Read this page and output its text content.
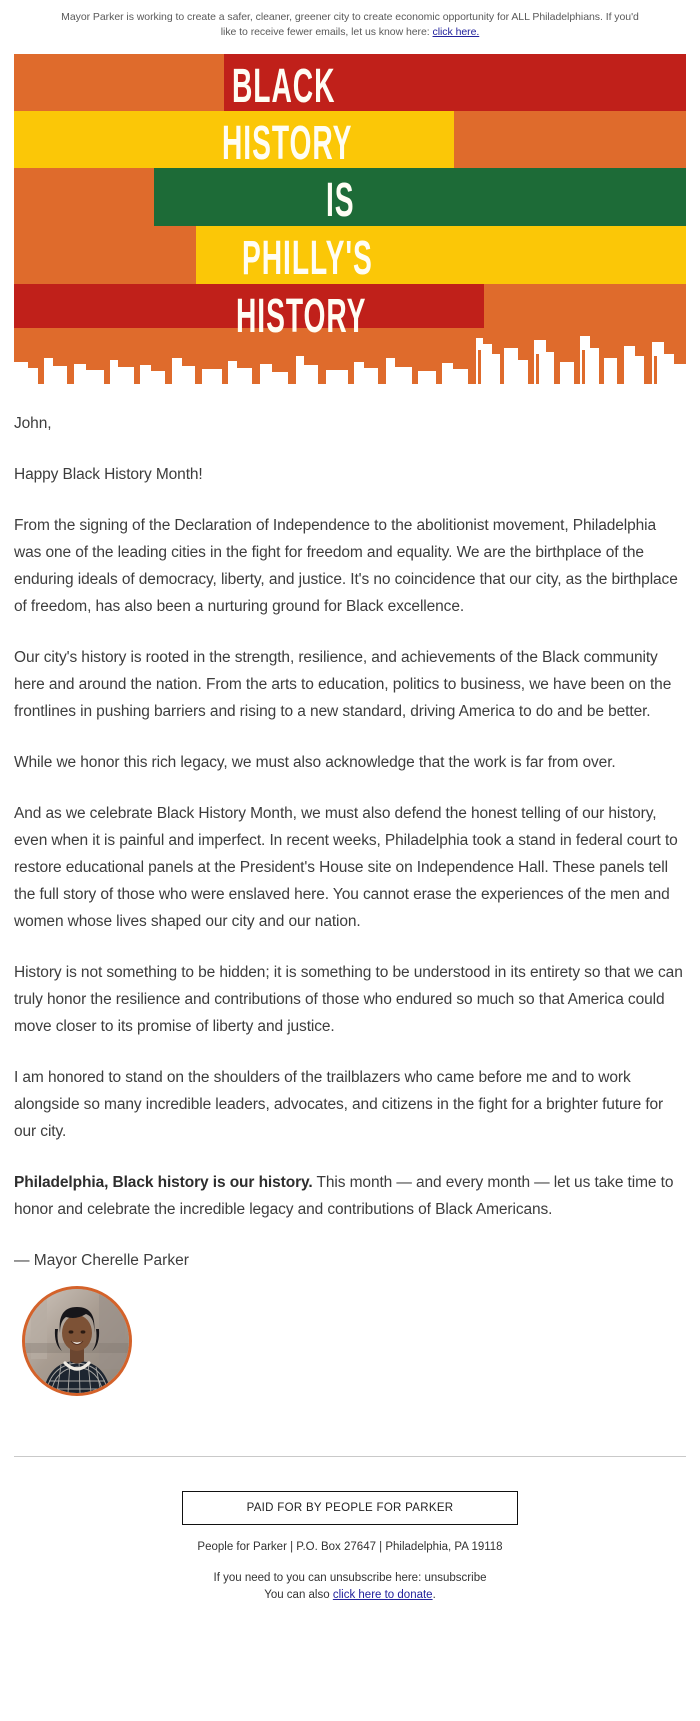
Mayor Parker is working to create a safer, cleaner, greener city to create economic opportunity for ALL Philadelphians. If you'd like to receive fewer emails, let us know here: click here.
BLACK
HISTORY
IS
PHILLY'S
HISTORY

John,

Happy Black History Month!

From the signing of the Declaration of Independence to the abolitionist movement, Philadelphia was one of the leading cities in the fight for freedom and equality. We are the birthplace of the enduring ideals of democracy, liberty, and justice. It's no coincidence that our city, as the birthplace of freedom, has also been a nurturing ground for Black excellence.

Our city's history is rooted in the strength, resilience, and achievements of the Black community here and around the nation. From the arts to education, politics to business, we have been on the frontlines in pushing barriers and rising to a new standard, driving America to do and be better.

While we honor this rich legacy, we must also acknowledge that the work is far from over.

And as we celebrate Black History Month, we must also defend the honest telling of our history, even when it is painful and imperfect. In recent weeks, Philadelphia took a stand in federal court to restore educational panels at the President's House site on Independence Hall. These panels tell the full story of those who were enslaved here. You cannot erase the experiences of the men and women whose lives shaped our city and our nation.

History is not something to be hidden; it is something to be understood in its entirety so that we can truly honor the resilience and contributions of those who endured so much so that America could move closer to its promise of liberty and justice.

I am honored to stand on the shoulders of the trailblazers who came before me and to work alongside so many incredible leaders, advocates, and citizens in the fight for a brighter future for our city.

Philadelphia, Black history is our history. This month — and every month — let us take time to honor and celebrate the incredible legacy and contributions of Black Americans.

— Mayor Cherelle Parker
PAID FOR BY PEOPLE FOR PARKER
People for Parker | P.O. Box 27647 | Philadelphia, PA 19118
If you need to you can unsubscribe here: unsubscribe
You can also click here to donate.
